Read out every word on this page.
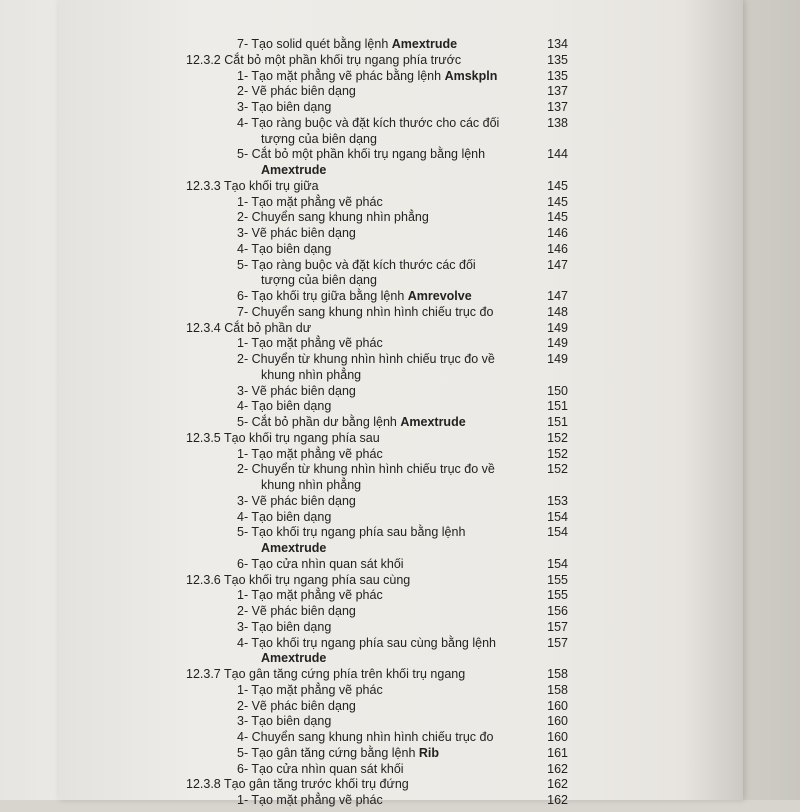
7- Tạo solid quét bằng lệnh Amextrude	134
12.3.2 Cắt bỏ một phần khối trụ ngang phía trước	135
1- Tạo mặt phẳng vẽ phác bằng lệnh Amskpln	135
2- Vẽ phác biên dạng	137
3- Tạo biên dạng	137
4- Tạo ràng buộc và đặt kích thước cho các đối	138
tượng của biên dạng
5- Cắt bỏ một phần khối trụ ngang bằng lệnh	144
Amextrude
12.3.3 Tạo khối trụ giữa	145
1- Tạo mặt phẳng vẽ phác	145
2- Chuyển sang khung nhìn phẳng	145
3- Vẽ phác biên dạng	146
4- Tạo biên dạng	146
5- Tạo ràng buộc và đặt kích thước các đối	147
tượng của biên dạng
6- Tạo khối trụ giữa bằng lệnh Amrevolve	147
7- Chuyển sang khung nhìn hình chiếu trục đo	148
12.3.4 Cắt bỏ phần dư	149
1- Tạo mặt phẳng vẽ phác	149
2- Chuyển từ khung nhìn hình chiếu trục đo về	149
khung nhìn phẳng
3- Vẽ phác biên dạng	150
4- Tạo biên dạng	151
5- Cắt bỏ phần dư bằng lệnh Amextrude	151
12.3.5 Tạo khối trụ ngang phía sau	152
1- Tạo mặt phẳng vẽ phác	152
2- Chuyển từ khung nhìn hình chiếu trục đo về	152
khung nhìn phẳng
3- Vẽ phác biên dạng	153
4- Tạo biên dạng	154
5- Tạo khối trụ ngang phía sau bằng lệnh	154
Amextrude
6- Tạo cửa nhìn quan sát khối	154
12.3.6 Tạo khối trụ ngang phía sau cùng	155
1- Tạo mặt phẳng vẽ phác	155
2- Vẽ phác biên dạng	156
3- Tạo biên dạng	157
4- Tạo khối trụ ngang phía sau cùng bằng lệnh	157
Amextrude
12.3.7 Tạo gân tăng cứng phía trên khối trụ ngang	158
1- Tạo mặt phẳng vẽ phác	158
2- Vẽ phác biên dạng	160
3- Tạo biên dạng	160
4- Chuyển sang khung nhìn hình chiếu trục đo	160
5- Tạo gân tăng cứng bằng lệnh Rib	161
6- Tạo cửa nhìn quan sát khối	162
12.3.8 Tạo gân tăng trước khối trụ đứng	162
1- Tạo mặt phẳng vẽ phác	162
